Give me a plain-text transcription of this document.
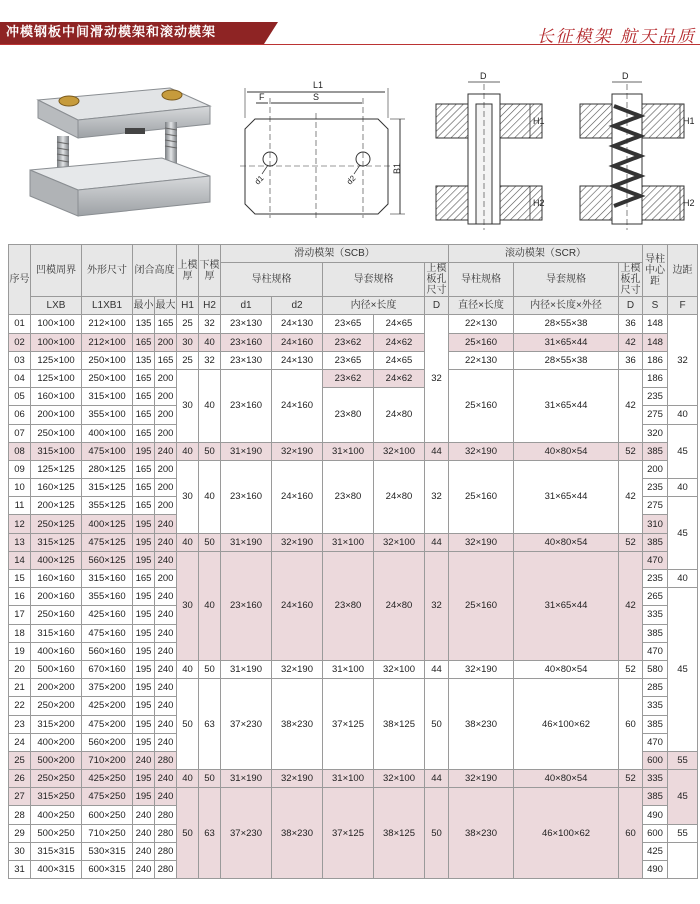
冲模钢板中间滑动模架和滚动模架	长征模架 航天品质
L1
S
F
B1
d1	d2
D
H1
H2
D
H1
H2
序号	凹模周界	外形尺寸	闭合高度		上模厚	下模厚	滑动模架（SCB）					滚动模架（SCR）			导柱中心距	边距
							导柱规格		导套规格		上模板孔尺寸	导柱规格	导套规格	上模板孔尺寸		
	LXB	L1XB1	最小	最大	H1	H2	d1	d2	内径×长度		D	直径×长度	内径×长度×外径	D	S	F
01	100×100	212×100	135	165	25	32	23×130	24×130	23×65	24×65	32	22×130	28×55×38	36	148	32
02	100×100	212×100	165	200	30	40	23×160	24×160	23×62	24×62		25×160	31×65×44	42	148	
03	125×100	250×100	135	165	25	32	23×130	24×130	23×65	24×65		22×130	28×55×38	36	186	
04	125×100	250×100	165	200	30	40	23×160	24×160	23×62	24×62		25×160	31×65×44	42	186	
05	160×100	315×100	165	200					23×80	24×80					235	
06	200×100	355×100	165	200											275	40
07	250×100	400×100	165	200											320	45
08	315×100	475×100	195	240	40	50	31×190	32×190	31×100	32×100	44	32×190	40×80×54	52	385	
09	125×125	280×125	165	200	30	40	23×160	24×160	23×80	24×80	32	25×160	31×65×44	42	200	
10	160×125	315×125	165	200											235	40
11	200×125	355×125	165	200											275	45
12	250×125	400×125	195	240											310	
13	315×125	475×125	195	240	40	50	31×190	32×190	31×100	32×100	44	32×190	40×80×54	52	385	
14	400×125	560×125	195	240	30	40	23×160	24×160	23×80	24×80	32	25×160	31×65×44	42	470	
15	160×160	315×160	165	200											235	40
16	200×160	355×160	195	240											265	45
17	250×160	425×160	195	240											335	
18	315×160	475×160	195	240											385	
19	400×160	560×160	195	240											470	
20	500×160	670×160	195	240	40	50	31×190	32×190	31×100	32×100	44	32×190	40×80×54	52	580	
21	200×200	375×200	195	240	50	63	37×230	38×230	37×125	38×125	50	38×230	46×100×62	60	285	
22	250×200	425×200	195	240											335	
23	315×200	475×200	195	240											385	
24	400×200	560×200	195	240											470	
25	500×200	710×200	240	280											600	55
26	250×250	425×250	195	240	40	50	31×190	32×190	31×100	32×100	44	32×190	40×80×54	52	335	45
27	315×250	475×250	195	240	50	63	37×230	38×230	37×125	38×125	50	38×230	46×100×62	60	385	
28	400×250	600×250	240	280											490	
29	500×250	710×250	240	280											600	55
30	315×315	530×315	240	280											425	
31	400×315	600×315	240	280											490	
